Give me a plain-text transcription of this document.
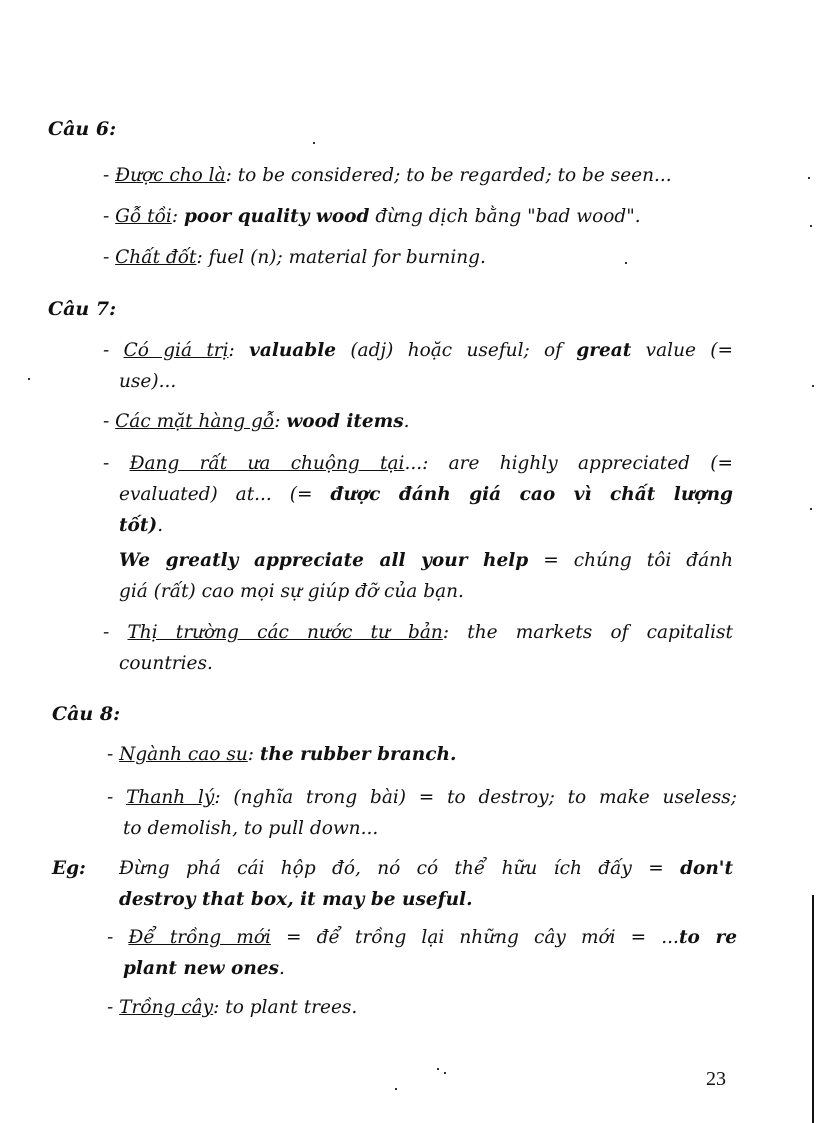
Câu 6:
- Được cho là: to be considered; to be regarded; to be seen...
- Gỗ tồi: poor quality wood đừng dịch bằng "bad wood".
- Chất đốt: fuel (n); material for burning.
Câu 7:
- Có giá trị: valuable (adj) hoặc useful; of great value (=
use)...
- Các mặt hàng gỗ: wood items.
- Đang rất ưa chuộng tại...: are highly appreciated (=
evaluated) at... (= được đánh giá cao vì chất lượng
tốt).
We greatly appreciate all your help = chúng tôi đánh
giá (rất) cao mọi sự giúp đỡ của bạn.
- Thị trường các nước tư bản: the markets of capitalist
countries.
Câu 8:
- Ngành cao su: the rubber branch.
- Thanh lý: (nghĩa trong bài) = to destroy; to make useless;
to demolish, to pull down...
Eg: Đừng phá cái hộp đó, nó có thể hữu ích đấy = don't
destroy that box, it may be useful.
- Để trồng mới = để trồng lại những cây mới = ...to re
plant new ones.
- Trồng cây: to plant trees.
23
